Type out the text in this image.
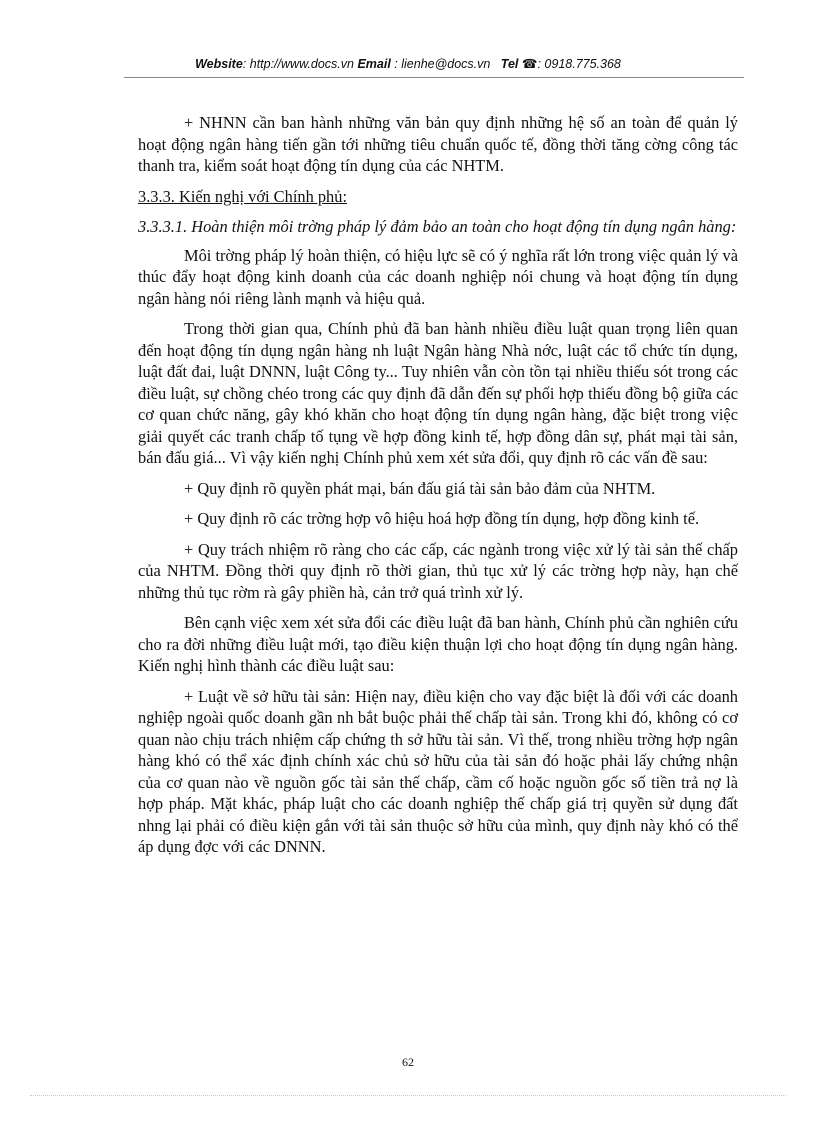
Website: http://www.docs.vn Email : lienhe@docs.vn Tel ☎: 0918.775.368

+ NHNN cần ban hành những văn bản quy định những hệ số an toàn để quản lý hoạt động ngân hàng tiến gần tới những tiêu chuẩn quốc tế, đồng thời tăng cờng công tác thanh tra, kiểm soát hoạt động tín dụng của các NHTM.

3.3.3. Kiến nghị với Chính phủ:

3.3.3.1. Hoàn thiện môi trờng pháp lý đảm bảo an toàn cho hoạt động tín dụng ngân hàng:

Môi trờng pháp lý hoàn thiện, có hiệu lực sẽ có ý nghĩa rất lớn trong việc quản lý và thúc đẩy hoạt động kinh doanh của các doanh nghiệp nói chung và hoạt động tín dụng ngân hàng nói riêng lành mạnh và hiệu quả.

Trong thời gian qua, Chính phủ đã ban hành nhiều điều luật quan trọng liên quan đến hoạt động tín dụng ngân hàng nh luật Ngân hàng Nhà nớc, luật các tổ chức tín dụng, luật đất đai, luật DNNN, luật Công ty... Tuy nhiên vẫn còn tồn tại nhiều thiếu sót trong các điều luật, sự chồng chéo trong các quy định đã dẫn đến sự phối hợp thiếu đồng bộ giữa các cơ quan chức năng, gây khó khăn cho hoạt động tín dụng ngân hàng, đặc biệt trong việc giải quyết các tranh chấp tố tụng về hợp đồng kinh tế, hợp đồng dân sự, phát mại tài sản, bán đấu giá... Vì vậy kiến nghị Chính phủ xem xét sửa đổi, quy định rõ các vấn đề sau:

+ Quy định rõ quyền phát mại, bán đấu giá tài sản bảo đảm của NHTM.

+ Quy định rõ các trờng hợp vô hiệu hoá hợp đồng tín dụng, hợp đồng kinh tế.

+ Quy trách nhiệm rõ ràng cho các cấp, các ngành trong việc xử lý tài sản thế chấp của NHTM. Đồng thời quy định rõ thời gian, thủ tục xử lý các trờng hợp này, hạn chế những thủ tục rờm rà gây phiền hà, cản trở quá trình xử lý.

Bên cạnh việc xem xét sửa đổi các điều luật đã ban hành, Chính phủ cần nghiên cứu cho ra đời những điều luật mới, tạo điều kiện thuận lợi cho hoạt động tín dụng ngân hàng. Kiến nghị hình thành các điều luật sau:

+ Luật về sở hữu tài sản: Hiện nay, điều kiện cho vay đặc biệt là đối với các doanh nghiệp ngoài quốc doanh gần nh bắt buộc phải thế chấp tài sản. Trong khi đó, không có cơ quan nào chịu trách nhiệm cấp chứng th sở hữu tài sản. Vì thế, trong nhiều trờng hợp ngân hàng khó có thể xác định chính xác chủ sở hữu của tài sản đó hoặc phải lấy chứng nhận của cơ quan nào về nguồn gốc tài sản thế chấp, cầm cố hoặc nguồn gốc số tiền trả nợ là hợp pháp. Mặt khác, pháp luật cho các doanh nghiệp thế chấp giá trị quyền sử dụng đất nhng lại phải có điều kiện gắn với tài sản thuộc sở hữu của mình, quy định này khó có thể áp dụng đợc với các DNNN.

62
